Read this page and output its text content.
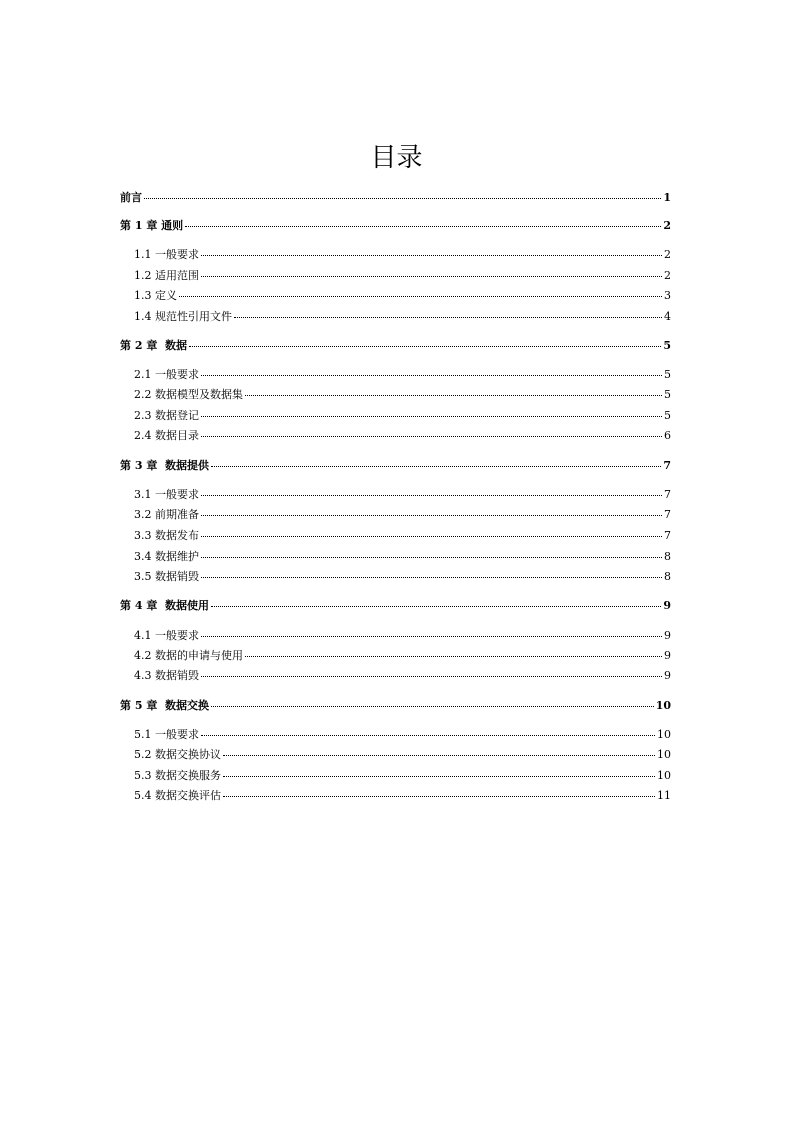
目录
前言	1
第 1 章 通则	2
1.1 一般要求	2
1.2 适用范围	2
1.3 定义	3
1.4 规范性引用文件	4
第 2 章  数据	5
2.1 一般要求	5
2.2 数据模型及数据集	5
2.3 数据登记	5
2.4 数据目录	6
第 3 章  数据提供	7
3.1 一般要求	7
3.2 前期准备	7
3.3 数据发布	7
3.4 数据维护	8
3.5 数据销毁	8
第 4 章  数据使用	9
4.1 一般要求	9
4.2 数据的申请与使用	9
4.3 数据销毁	9
第 5 章  数据交换	10
5.1 一般要求	10
5.2 数据交换协议	10
5.3 数据交换服务	10
5.4 数据交换评估	11
